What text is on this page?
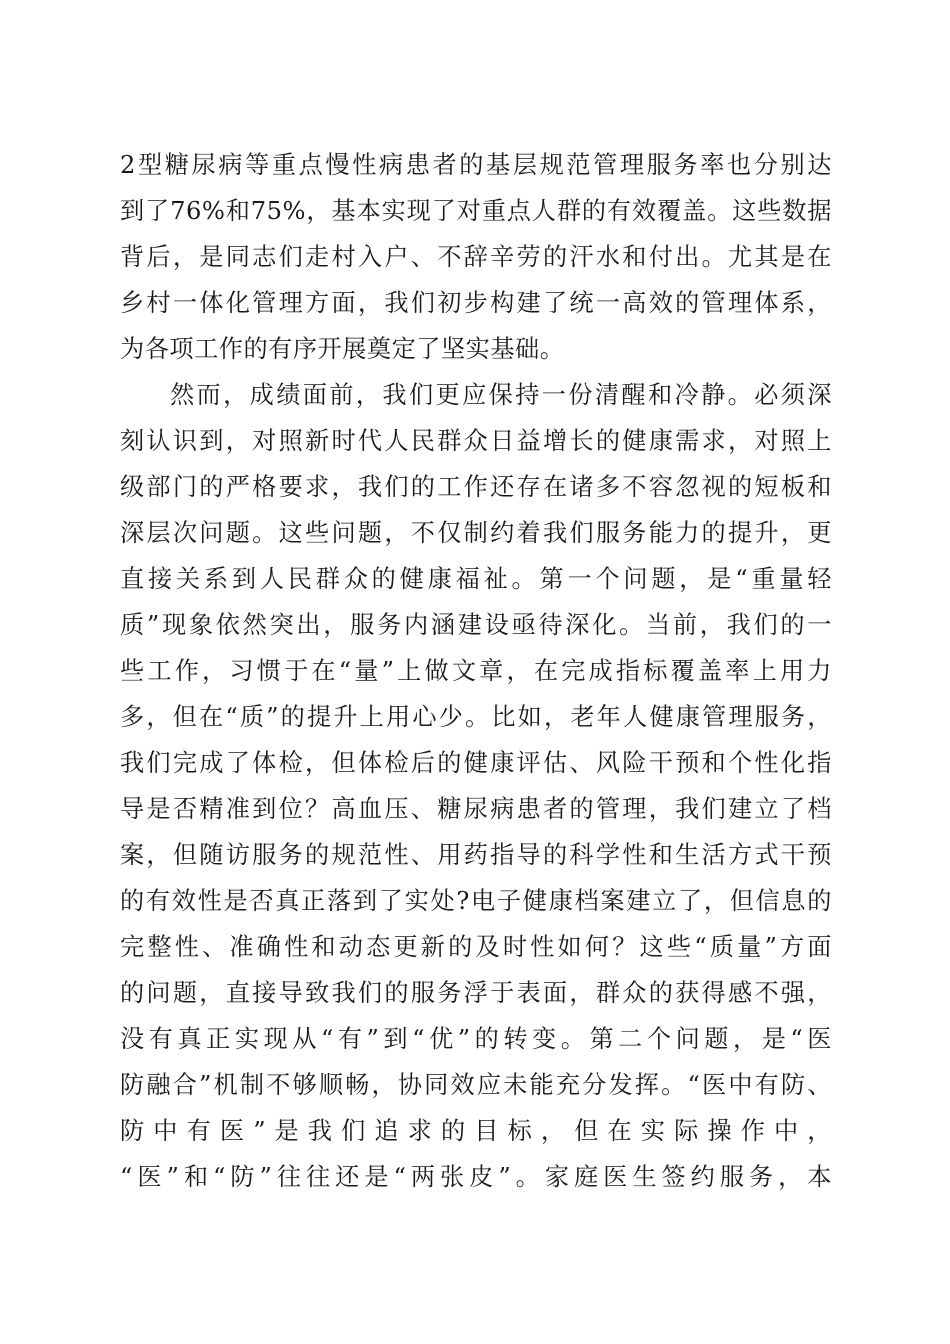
2型糖尿病等重点慢性病患者的基层规范管理服务率也分别达
到了76%和75%，基本实现了对重点人群的有效覆盖。这些数据
背后，是同志们走村入户、不辞辛劳的汗水和付出。尤其是在
乡村一体化管理方面，我们初步构建了统一高效的管理体系，
为各项工作的有序开展奠定了坚实基础。
然而，成绩面前，我们更应保持一份清醒和冷静。必须深
刻认识到，对照新时代人民群众日益增长的健康需求，对照上
级部门的严格要求，我们的工作还存在诸多不容忽视的短板和
深层次问题。这些问题，不仅制约着我们服务能力的提升，更
直接关系到人民群众的健康福祉。第一个问题，是“重量轻
质”现象依然突出，服务内涵建设亟待深化。当前，我们的一
些工作，习惯于在“量”上做文章，在完成指标覆盖率上用力
多，但在“质”的提升上用心少。比如，老年人健康管理服务，
我们完成了体检，但体检后的健康评估、风险干预和个性化指
导是否精准到位？高血压、糖尿病患者的管理，我们建立了档
案，但随访服务的规范性、用药指导的科学性和生活方式干预
的有效性是否真正落到了实处?电子健康档案建立了，但信息的
完整性、准确性和动态更新的及时性如何？这些“质量”方面
的问题，直接导致我们的服务浮于表面，群众的获得感不强，
没有真正实现从“有”到“优”的转变。第二个问题，是“医
防融合”机制不够顺畅，协同效应未能充分发挥。“医中有防、
防 中 有 医 ” 是 我 们 追 求 的 目 标 ， 但 在 实 际 操 作 中 ，
“医”和“防”往往还是“两张皮”。家庭医生签约服务，本
